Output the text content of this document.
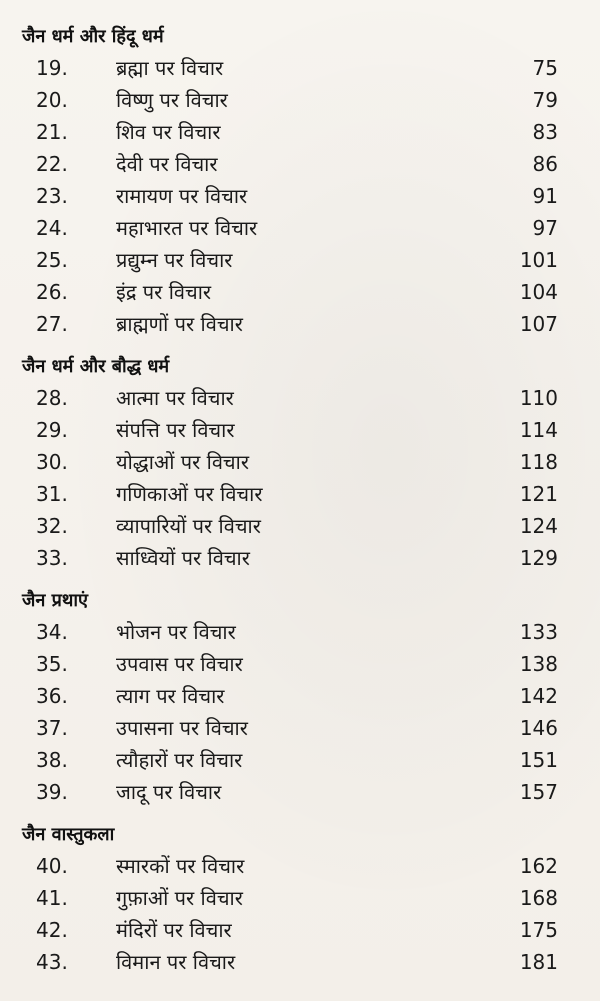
जैन धर्म और हिंदू धर्म
19.	ब्रह्मा पर विचार	75
20.	विष्णु पर विचार	79
21.	शिव पर विचार	83
22.	देवी पर विचार	86
23.	रामायण पर विचार	91
24.	महाभारत पर विचार	97
25.	प्रद्युम्न पर विचार	101
26.	इंद्र पर विचार	104
27.	ब्राह्मणों पर विचार	107
जैन धर्म और बौद्ध धर्म
28.	आत्मा पर विचार	110
29.	संपत्ति पर विचार	114
30.	योद्धाओं पर विचार	118
31.	गणिकाओं पर विचार	121
32.	व्यापारियों पर विचार	124
33.	साध्वियों पर विचार	129
जैन प्रथाएं
34.	भोजन पर विचार	133
35.	उपवास पर विचार	138
36.	त्याग पर विचार	142
37.	उपासना पर विचार	146
38.	त्यौहारों पर विचार	151
39.	जादू पर विचार	157
जैन वास्तुकला
40.	स्मारकों पर विचार	162
41.	गुफ़ाओं पर विचार	168
42.	मंदिरों पर विचार	175
43.	विमान पर विचार	181
